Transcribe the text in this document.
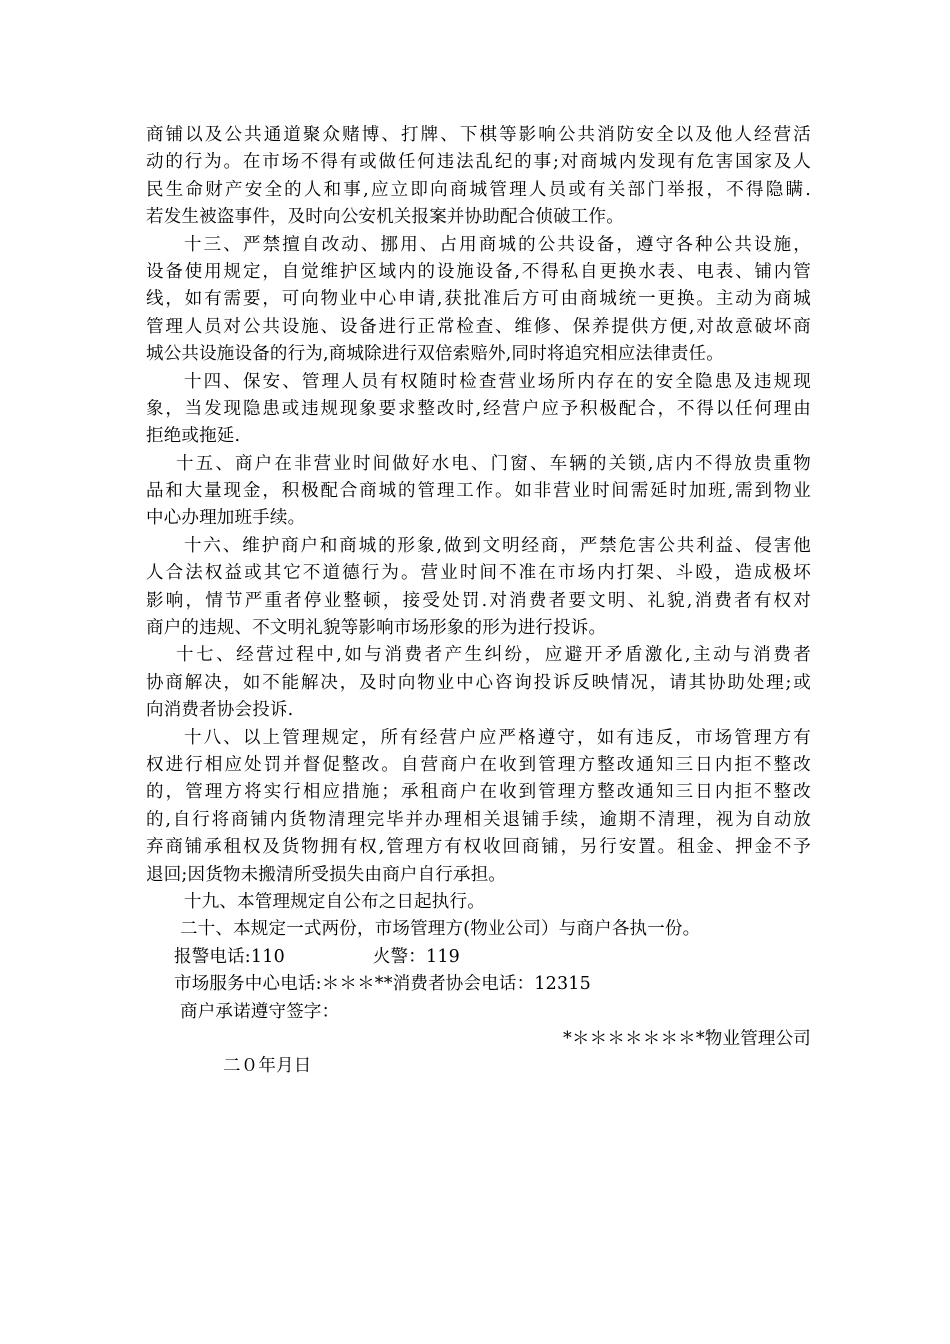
商铺以及公共通道聚众赌博、打牌、下棋等影响公共消防安全以及他人经营活
动的行为。在市场不得有或做任何违法乱纪的事;对商城内发现有危害国家及人
民生命财产安全的人和事,应立即向商城管理人员或有关部门举报，不得隐瞒.
若发生被盗事件，及时向公安机关报案并协助配合侦破工作。
十三、严禁擅自改动、挪用、占用商城的公共设备，遵守各种公共设施，
设备使用规定，自觉维护区域内的设施设备,不得私自更换水表、电表、铺内管
线，如有需要，可向物业中心申请,获批准后方可由商城统一更换。主动为商城
管理人员对公共设施、设备进行正常检查、维修、保养提供方便,对故意破坏商
城公共设施设备的行为,商城除进行双倍索赔外,同时将追究相应法律责任。
十四、保安、管理人员有权随时检查营业场所内存在的安全隐患及违规现
象，当发现隐患或违规现象要求整改时,经营户应予积极配合，不得以任何理由
拒绝或拖延.
十五、商户在非营业时间做好水电、门窗、车辆的关锁,店内不得放贵重物
品和大量现金，积极配合商城的管理工作。如非营业时间需延时加班,需到物业
中心办理加班手续。
十六、维护商户和商城的形象,做到文明经商，严禁危害公共利益、侵害他
人合法权益或其它不道德行为。营业时间不准在市场内打架、斗殴，造成极坏
影响，情节严重者停业整顿，接受处罚.对消费者要文明、礼貌,消费者有权对
商户的违规、不文明礼貌等影响市场形象的形为进行投诉。
十七、经营过程中,如与消费者产生纠纷，应避开矛盾激化,主动与消费者
协商解决，如不能解决，及时向物业中心咨询投诉反映情况，请其协助处理;或
向消费者协会投诉.
十八、以上管理规定，所有经营户应严格遵守，如有违反，市场管理方有
权进行相应处罚并督促整改。自营商户在收到管理方整改通知三日内拒不整改
的，管理方将实行相应措施；承租商户在收到管理方整改通知三日内拒不整改
的,自行将商铺内货物清理完毕并办理相关退铺手续，逾期不清理，视为自动放
弃商铺承租权及货物拥有权,管理方有权收回商铺，另行安置。租金、押金不予
退回;因货物未搬清所受损失由商户自行承担。
十九、本管理规定自公布之日起执行。
二十、本规定一式两份，市场管理方(物业公司）与商户各执一份。
报警电话:110	火警：119
市场服务中心电话:＊＊＊**消费者协会电话：12315
商户承诺遵守签字：
*＊＊＊＊＊＊＊*物业管理公司
二０年月日
